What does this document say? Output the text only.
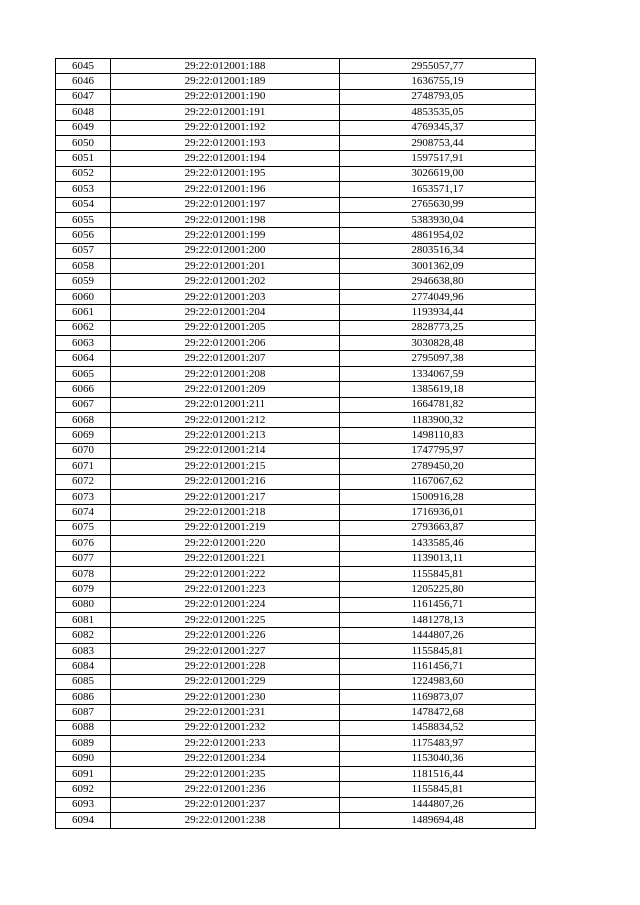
6045	29:22:012001:188	2955057,77
6046	29:22:012001:189	1636755,19
6047	29:22:012001:190	2748793,05
6048	29:22:012001:191	4853535,05
6049	29:22:012001:192	4769345,37
6050	29:22:012001:193	2908753,44
6051	29:22:012001:194	1597517,91
6052	29:22:012001:195	3026619,00
6053	29:22:012001:196	1653571,17
6054	29:22:012001:197	2765630,99
6055	29:22:012001:198	5383930,04
6056	29:22:012001:199	4861954,02
6057	29:22:012001:200	2803516,34
6058	29:22:012001:201	3001362,09
6059	29:22:012001:202	2946638,80
6060	29:22:012001:203	2774049,96
6061	29:22:012001:204	1193934,44
6062	29:22:012001:205	2828773,25
6063	29:22:012001:206	3030828,48
6064	29:22:012001:207	2795097,38
6065	29:22:012001:208	1334067,59
6066	29:22:012001:209	1385619,18
6067	29:22:012001:211	1664781,82
6068	29:22:012001:212	1183900,32
6069	29:22:012001:213	1498110,83
6070	29:22:012001:214	1747795,97
6071	29:22:012001:215	2789450,20
6072	29:22:012001:216	1167067,62
6073	29:22:012001:217	1500916,28
6074	29:22:012001:218	1716936,01
6075	29:22:012001:219	2793663,87
6076	29:22:012001:220	1433585,46
6077	29:22:012001:221	1139013,11
6078	29:22:012001:222	1155845,81
6079	29:22:012001:223	1205225,80
6080	29:22:012001:224	1161456,71
6081	29:22:012001:225	1481278,13
6082	29:22:012001:226	1444807,26
6083	29:22:012001:227	1155845,81
6084	29:22:012001:228	1161456,71
6085	29:22:012001:229	1224983,60
6086	29:22:012001:230	1169873,07
6087	29:22:012001:231	1478472,68
6088	29:22:012001:232	1458834,52
6089	29:22:012001:233	1175483,97
6090	29:22:012001:234	1153040,36
6091	29:22:012001:235	1181516,44
6092	29:22:012001:236	1155845,81
6093	29:22:012001:237	1444807,26
6094	29:22:012001:238	1489694,48
